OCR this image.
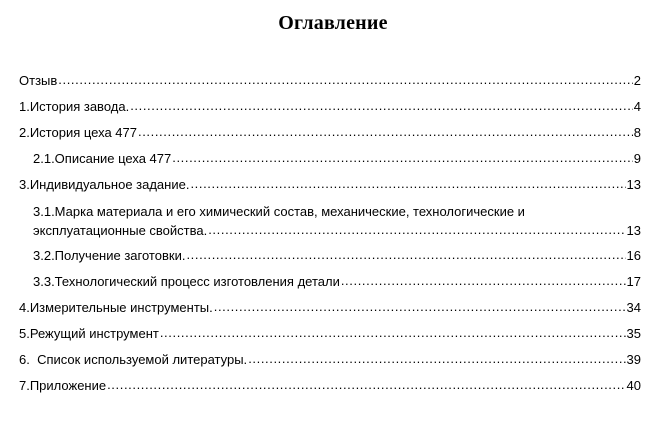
Оглавление
Отзыв .....	2
1.История завода. .....	4
2.История цеха 477 .....	8
2.1.Описание цеха 477 .....	9
3.Индивидуальное задание. .....	13
3.1.Марка материала и его химический состав, механические, технологические и
эксплуатационные свойства. .....	13
3.2.Получение заготовки. .....	16
3.3.Технологический процесс изготовления детали .....	17
4.Измерительные инструменты. .....	34
5.Режущий инструмент .....	35
6.  Список используемой литературы. .....	39
7.Приложение .....	40
